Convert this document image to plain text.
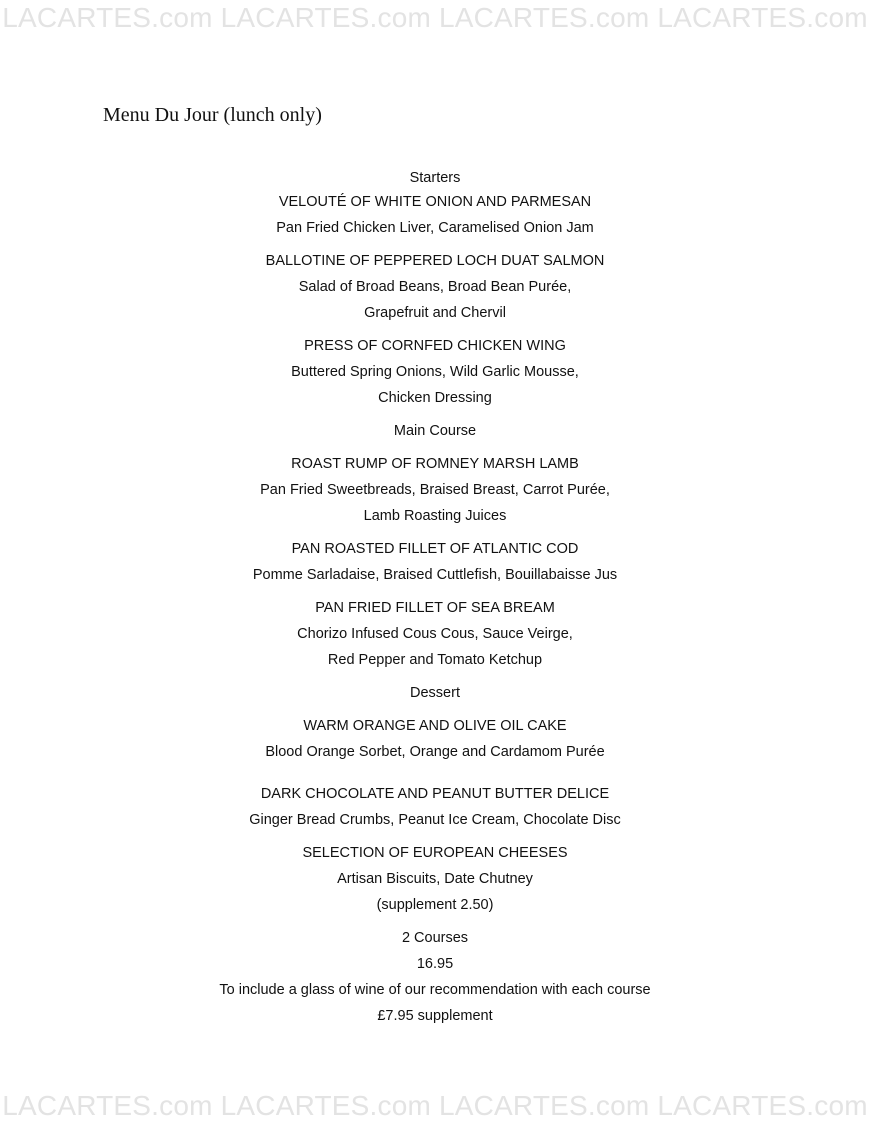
LACARTES.com LACARTES.com LACARTES.com LACARTES.com
Menu Du Jour (lunch only)
Starters
VELOUTÉ OF WHITE ONION AND PARMESAN
Pan Fried Chicken Liver, Caramelised Onion Jam
BALLOTINE OF PEPPERED LOCH DUAT SALMON
Salad of Broad Beans, Broad Bean Purée,
Grapefruit and Chervil
PRESS OF CORNFED CHICKEN WING
Buttered Spring Onions, Wild Garlic Mousse,
Chicken Dressing
Main Course
ROAST RUMP OF ROMNEY MARSH LAMB
Pan Fried Sweetbreads, Braised Breast, Carrot Purée,
Lamb Roasting Juices
PAN ROASTED FILLET OF ATLANTIC COD
Pomme Sarladaise, Braised Cuttlefish, Bouillabaisse Jus
PAN FRIED FILLET OF SEA BREAM
Chorizo Infused Cous Cous, Sauce Veirge,
Red Pepper and Tomato Ketchup
Dessert
WARM ORANGE AND OLIVE OIL CAKE
Blood Orange Sorbet, Orange and Cardamom Purée
DARK CHOCOLATE AND PEANUT BUTTER DELICE
Ginger Bread Crumbs, Peanut Ice Cream, Chocolate Disc
SELECTION OF EUROPEAN CHEESES
Artisan Biscuits, Date Chutney
(supplement 2.50)
2 Courses
16.95
To include a glass of wine of our recommendation with each course
£7.95 supplement
LACARTES.com LACARTES.com LACARTES.com LACARTES.com
